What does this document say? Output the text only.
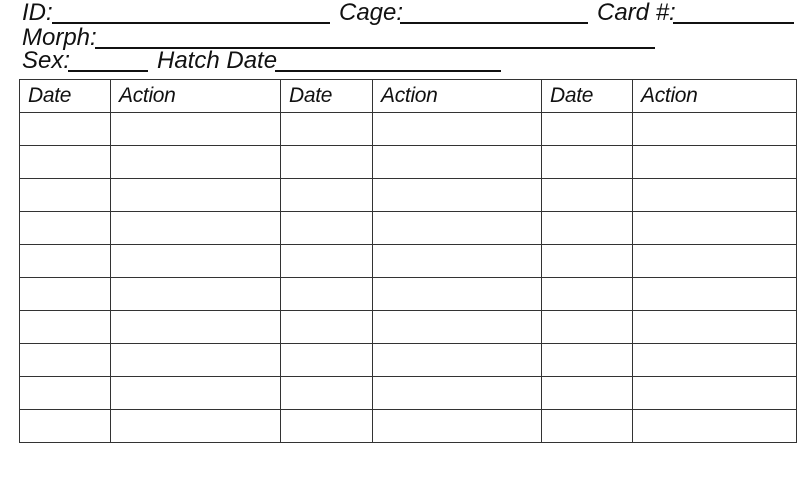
ID:	Cage:	Card #:
Morph:
Sex:	Hatch Date
Date	Action	Date	Action	Date	Action
